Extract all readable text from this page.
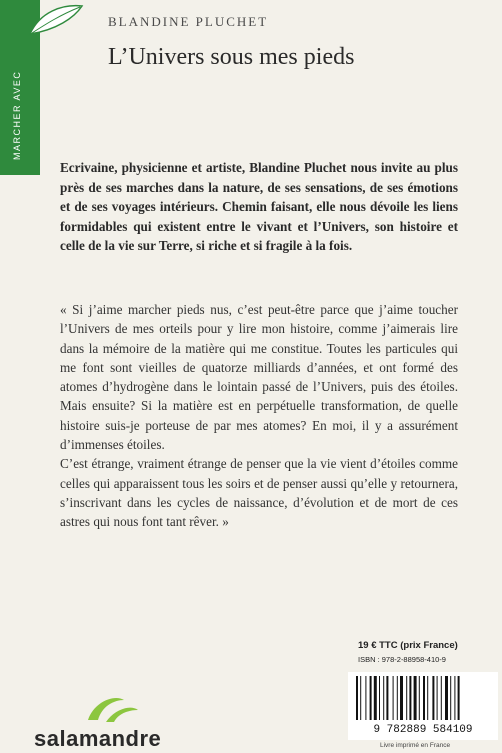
MARCHER AVEC
BLANDINE PLUCHET
L’Univers sous mes pieds

Ecrivaine, physicienne et artiste, Blandine Pluchet nous invite au plus près de ses marches dans la nature, de ses sensations, de ses émotions et de ses voyages intérieurs. Chemin faisant, elle nous dévoile les liens formidables qui existent entre le vivant et l’Univers, son histoire et celle de la vie sur Terre, si riche et si fragile à la fois.

« Si j’aime marcher pieds nus, c’est peut-être parce que j’aime toucher l’Univers de mes orteils pour y lire mon histoire, comme j’aimerais lire dans la mémoire de la matière qui me constitue. Toutes les particules qui me font sont vieilles de quatorze milliards d’années, et ont formé des atomes d’hydrogène dans le lointain passé de l’Univers, puis des étoiles. Mais ensuite? Si la matière est en perpétuelle transformation, de quelle histoire suis-je porteuse de par mes atomes? En moi, il y a assurément d’immenses étoiles.

C’est étrange, vraiment étrange de penser que la vie vient d’étoiles comme celles qui apparaissent tous les soirs et de penser aussi qu’elle y retournera, s’inscrivant dans les cycles de naissance, d’évolution et de mort de ces astres qui nous font tant rêver. »

19 € TTC (prix France)
ISBN : 978-2-88958-410-9
9 782889 584109
Livre imprimé en France
salamandre
